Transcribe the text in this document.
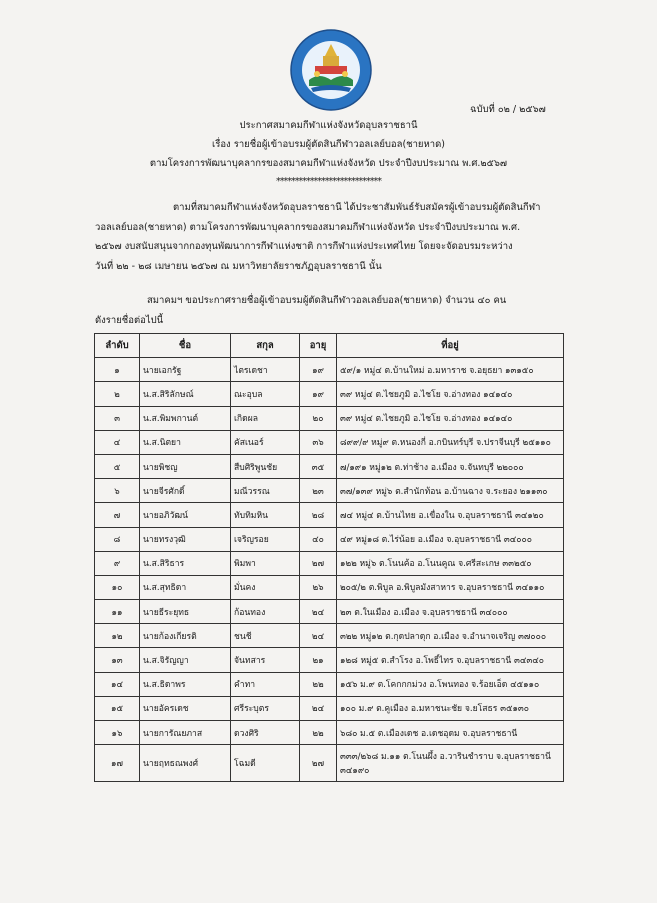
ฉบับที่ ๐๒ / ๒๕๖๗
ประกาศสมาคมกีฬาแห่งจังหวัดอุบลราชธานี
เรื่อง รายชื่อผู้เข้าอบรมผู้ตัดสินกีฬาวอลเลย์บอล(ชายหาด)
ตามโครงการพัฒนาบุคลากรของสมาคมกีฬาแห่งจังหวัด ประจำปีงบประมาณ พ.ศ.๒๕๖๗
****************************
ตามที่สมาคมกีฬาแห่งจังหวัดอุบลราชธานี ได้ประชาสัมพันธ์รับสมัครผู้เข้าอบรมผู้ตัดสินกีฬา
วอลเลย์บอล(ชายหาด) ตามโครงการพัฒนาบุคลากรของสมาคมกีฬาแห่งจังหวัด ประจำปีงบประมาณ พ.ศ.
๒๕๖๗ งบสนับสนุนจากกองทุนพัฒนาการกีฬาแห่งชาติ การกีฬาแห่งประเทศไทย โดยจะจัดอบรมระหว่าง
วันที่ ๒๒ - ๒๘ เมษายน ๒๕๖๗ ณ มหาวิทยาลัยราชภัฏอุบลราชธานี นั้น
สมาคมฯ ขอประกาศรายชื่อผู้เข้าอบรมผู้ตัดสินกีฬาวอลเลย์บอล(ชายหาด) จำนวน ๔๐ คน
ดังรายชื่อต่อไปนี้
ลำดับ	ชื่อ	สกุล	อายุ	ที่อยู่
๑	นายเอกรัฐ	ไตรเดชา	๑๙	๕๙/๑ หมู่๔ ต.บ้านใหม่ อ.มหาราช จ.อยุธยา ๑๓๑๕๐
๒	น.ส.สิริลักษณ์	ณะอุบล	๑๙	๓๙ หมู่๔ ต.ไชยภูมิ อ.ไชโย จ.อ่างทอง ๑๔๑๔๐
๓	น.ส.พิมพกานต์	เกิดผล	๒๐	๓๙ หมู่๔ ต.ไชยภูมิ อ.ไชโย จ.อ่างทอง ๑๔๑๔๐
๔	น.ส.นิตยา	คัสเนอร์	๓๖	๘๙๙/๙ หมู่๙ ต.หนองกี่ อ.กบินทร์บุรี จ.ปราจีนบุรี ๒๕๑๑๐
๕	นายพิชญ	สืบศิริพูนชัย	๓๕	๗/๑๙๑ หมู่๑๒ ต.ท่าช้าง อ.เมือง จ.จันทบุรี ๒๒๐๐๐
๖	นายจีรศักดิ์	มณีวรรณ	๒๓	๓๗/๑๓๙ หมู่๖ ต.สำนักท้อน อ.บ้านฉาง จ.ระยอง ๒๑๑๓๐
๗	นายอภิวัฒน์	ทับทิมหิน	๒๘	๗๔ หมู่๔ ต.บ้านไทย อ.เขื่องใน จ.อุบลราชธานี ๓๔๑๒๐
๘	นายทรงวุฒิ	เจริญรอย	๔๐	๔๙ หมู่๑๘ ต.ไร่น้อย อ.เมือง จ.อุบลราชธานี ๓๔๐๐๐
๙	น.ส.สิริธาร	พิมพา	๒๗	๑๒๒ หมู่๖ ต.โนนค้อ อ.โนนคูณ จ.ศรีสะเกษ ๓๓๒๕๐
๑๐	น.ส.สุทธิดา	มั่นคง	๒๖	๒๐๕/๒ ต.พิบูล อ.พิบูลมังสาหาร จ.อุบลราชธานี ๓๔๑๑๐
๑๑	นายธีระยุทธ	ก้อนทอง	๒๔	๒๓ ต.ในเมือง อ.เมือง จ.อุบลราชธานี ๓๔๐๐๐
๑๒	นายก้องเกียรติ	ชนชี	๒๔	๓๒๒ หมู่๑๒ ต.กุดปลาดุก อ.เมือง จ.อำนาจเจริญ ๓๗๐๐๐
๑๓	น.ส.จิรัญญา	จันทสาร	๒๑	๑๒๘ หมู่๕ ต.สำโรง อ.โพธิ์ไทร จ.อุบลราชธานี ๓๔๓๔๐
๑๔	น.ส.ธิดาพร	คำทา	๒๒	๑๕๖ ม.๙ ต.โคกกกม่วง อ.โพนทอง จ.ร้อยเอ็ด ๔๕๑๑๐
๑๕	นายอัครเดช	ศรีระบุตร	๒๔	๑๐๐ ม.๙ ต.คูเมือง อ.มหาชนะชัย จ.ยโสธร ๓๕๑๓๐
๑๖	นายการัณยภาส	ดวงศิริ	๒๒	๖๘๐ ม.๕ ต.เมืองเดช อ.เดชอุดม จ.อุบลราชธานี
๑๗	นายฤทธณพงศ์	โฉมดี	๒๗	๓๓๓/๒๖๘ ม.๑๑ ต.โนนผึ้ง อ.วารินชำราบ จ.อุบลราชธานี ๓๔๑๙๐
